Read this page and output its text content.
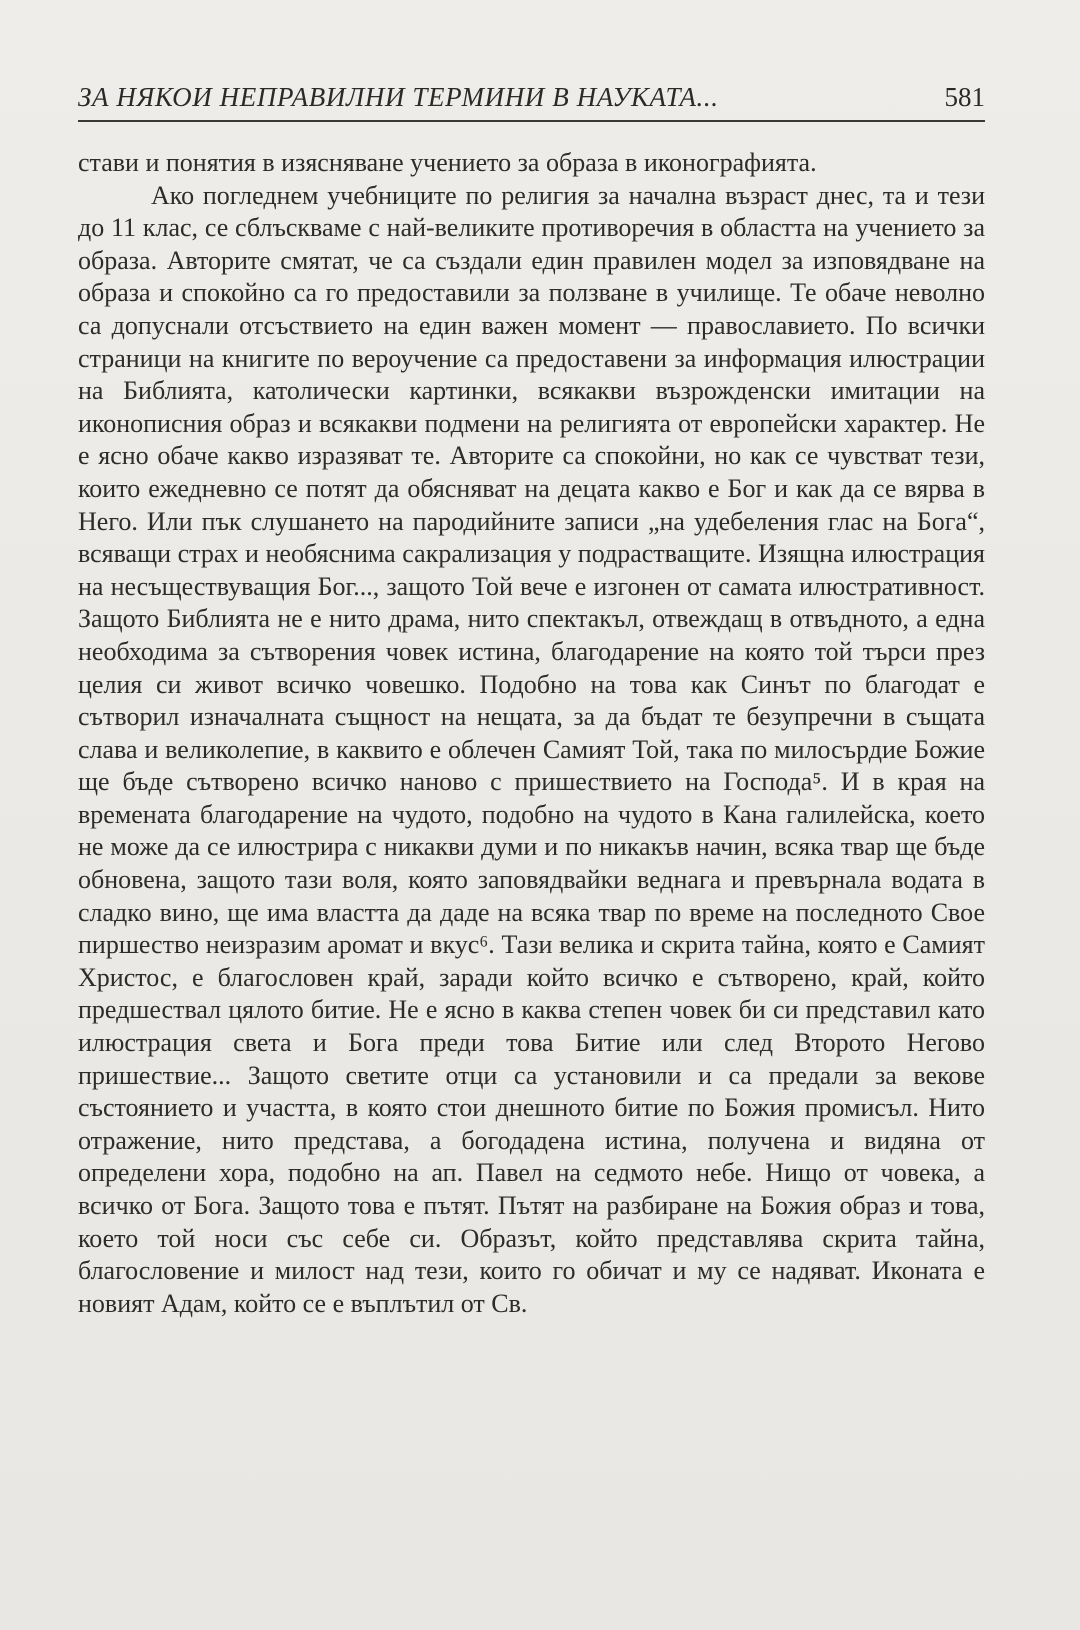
ЗА НЯКОИ НЕПРАВИЛНИ ТЕРМИНИ В НАУКАТА...	581

стави и понятия в изясняване учението за образа в иконографията.

Ако погледнем учебниците по религия за начална възраст днес, та и тези до 11 клас, се сблъскваме с най-великите противоречия в областта на учението за образа. Авторите смятат, че са създали един правилен модел за изповядване на образа и спокойно са го предоставили за ползване в училище. Те обаче неволно са допуснали отсъствието на един важен момент — православието. По всички страници на книгите по вероучение са предоставени за информация илюстрации на Библията, католически картинки, всякакви възрожденски имитации на иконописния образ и всякакви подмени на религията от европейски характер. Не е ясно обаче какво изразяват те. Авторите са спокойни, но как се чувстват тези, които ежедневно се потят да обясняват на децата какво е Бог и как да се вярва в Него. Или пък слушането на пародийните записи „на удебеления глас на Бога“, всяващи страх и необяснима сакрализация у подрастващите. Изящна илюстрация на несъществуващия Бог..., защото Той вече е изгонен от самата илюстративност. Защото Библията не е нито драма, нито спектакъл, отвеждащ в отвъдното, а една необходима за сътворения човек истина, благодарение на която той търси през целия си живот всичко човешко. Подобно на това как Синът по благодат е сътворил изначалната същност на нещата, за да бъдат те безупречни в същата слава и великолепие, в каквито е облечен Самият Той, така по милосърдие Божие ще бъде сътворено всичко наново с пришествието на Господа⁵. И в края на времената благодарение на чудото, подобно на чудото в Кана галилейска, което не може да се илюстрира с никакви думи и по никакъв начин, всяка твар ще бъде обновена, защото тази воля, която заповядвайки веднага и превърнала водата в сладко вино, ще има властта да даде на всяка твар по време на последното Свое пиршество неизразим аромат и вкус⁶. Тази велика и скрита тайна, която е Самият Христос, е благословен край, заради който всичко е сътворено, край, който предшествал цялото битие. Не е ясно в каква степен човек би си представил като илюстрация света и Бога преди това Битие или след Второто Негово пришествие... Защото светите отци са установили и са предали за векове състоянието и участта, в която стои днешното битие по Божия промисъл. Нито отражение, нито представа, а богодадена истина, получена и видяна от определени хора, подобно на ап. Павел на седмото небе. Нищо от човека, а всичко от Бога. Защото това е пътят. Пътят на разбиране на Божия образ и това, което той носи със себе си. Образът, който представлява скрита тайна, благословение и милост над тези, които го обичат и му се надяват. Иконата е новият Адам, който се е въплътил от Св.
